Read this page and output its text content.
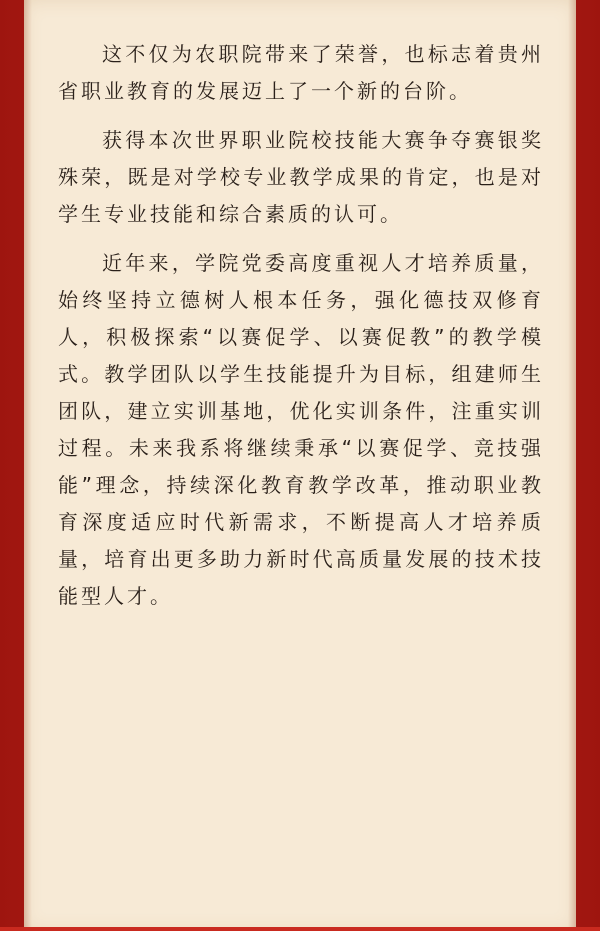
这不仅为农职院带来了荣誉，也标志着贵州省职业教育的发展迈上了一个新的台阶。

获得本次世界职业院校技能大赛争夺赛银奖殊荣，既是对学校专业教学成果的肯定，也是对学生专业技能和综合素质的认可。

近年来，学院党委高度重视人才培养质量，始终坚持立德树人根本任务，强化德技双修育人，积极探索“以赛促学、以赛促教”的教学模式。教学团队以学生技能提升为目标，组建师生团队，建立实训基地，优化实训条件，注重实训过程。未来我系将继续秉承“以赛促学、竞技强能”理念，持续深化教育教学改革，推动职业教育深度适应时代新需求，不断提高人才培养质量，培育出更多助力新时代高质量发展的技术技能型人才。
